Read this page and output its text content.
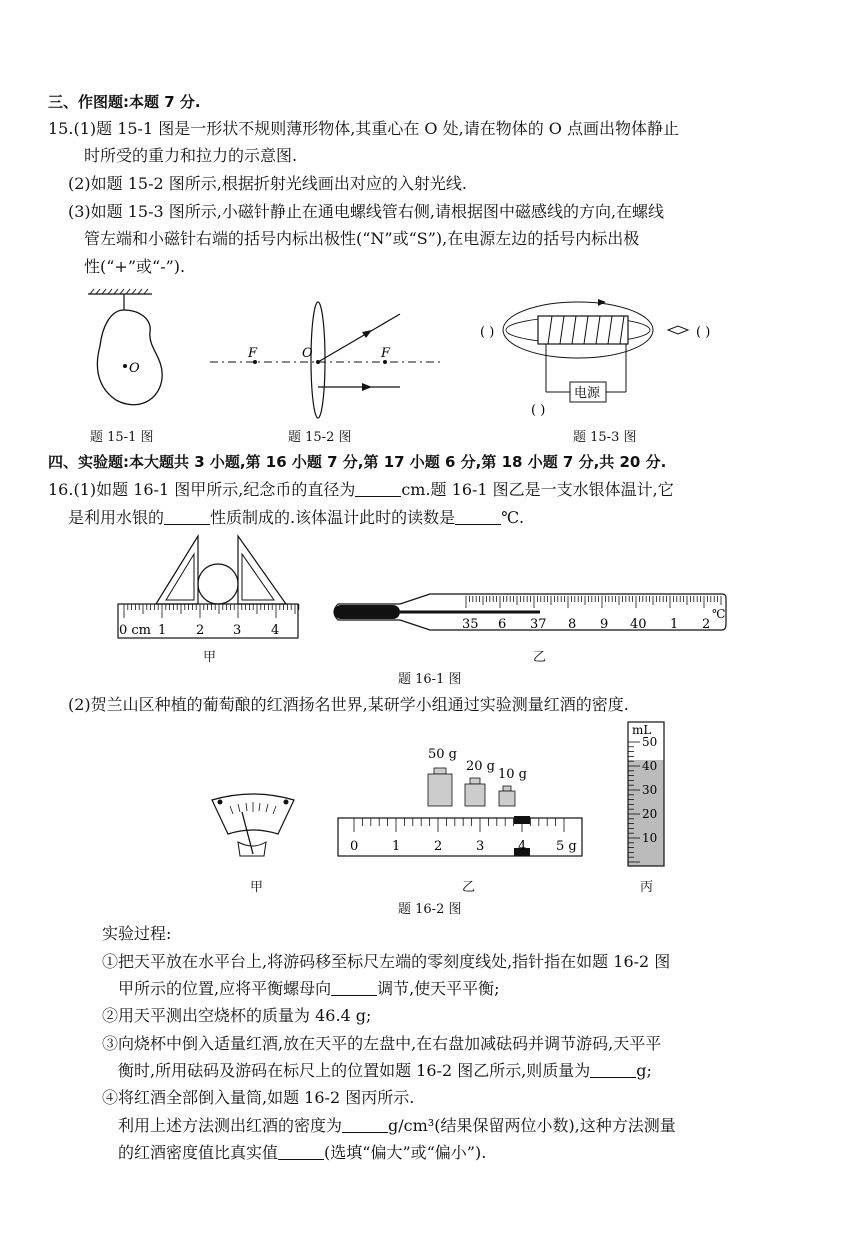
三、作图题:本题 7 分.
15.(1)题 15-1 图是一形状不规则薄形物体,其重心在 O 处,请在物体的 O 点画出物体静止
时所受的重力和拉力的示意图.
(2)如题 15-2 图所示,根据折射光线画出对应的入射光线.
(3)如题 15-3 图所示,小磁针静止在通电螺线管右侧,请根据图中磁感线的方向,在螺线
管左端和小磁针右端的括号内标出极性(“N”或“S”),在电源左边的括号内标出极
性(“+”或“-”).
O
题 15-1 图
F	O	F
题 15-2 图
( )	( )
( )
电源
题 15-3 图
四、实验题:本大题共 3 小题,第 16 小题 7 分,第 17 小题 6 分,第 18 小题 7 分,共 20 分.
16.(1)如题 16-1 图甲所示,纪念币的直径为	cm.题 16-1 图乙是一支水银体温计,它
是利用水银的	性质制成的.该体温计此时的读数是	℃.
0 cm 1 2 3 4
甲
35 6 37 8 9 40 1 2
℃
乙
题 16-1 图
(2)贺兰山区种植的葡萄酿的红酒扬名世界,某研学小组通过实验测量红酒的密度.
甲
50 g
20 g
10 g
0	1	2	3	4 5 g
乙
mL
50
40
30
20
10
丙
题 16-2 图
实验过程:
①把天平放在水平台上,将游码移至标尺左端的零刻度线处,指针指在如题 16-2 图
甲所示的位置,应将平衡螺母向	调节,使天平平衡;
②用天平测出空烧杯的质量为 46.4 g;
③向烧杯中倒入适量红酒,放在天平的左盘中,在右盘加减砝码并调节游码,天平平
衡时,所用砝码及游码在标尺上的位置如题 16-2 图乙所示,则质量为	g;
④将红酒全部倒入量筒,如题 16-2 图丙所示.
利用上述方法测出红酒的密度为	g/cm³(结果保留两位小数),这种方法测量
的红酒密度值比真实值	(选填“偏大”或“偏小”).
